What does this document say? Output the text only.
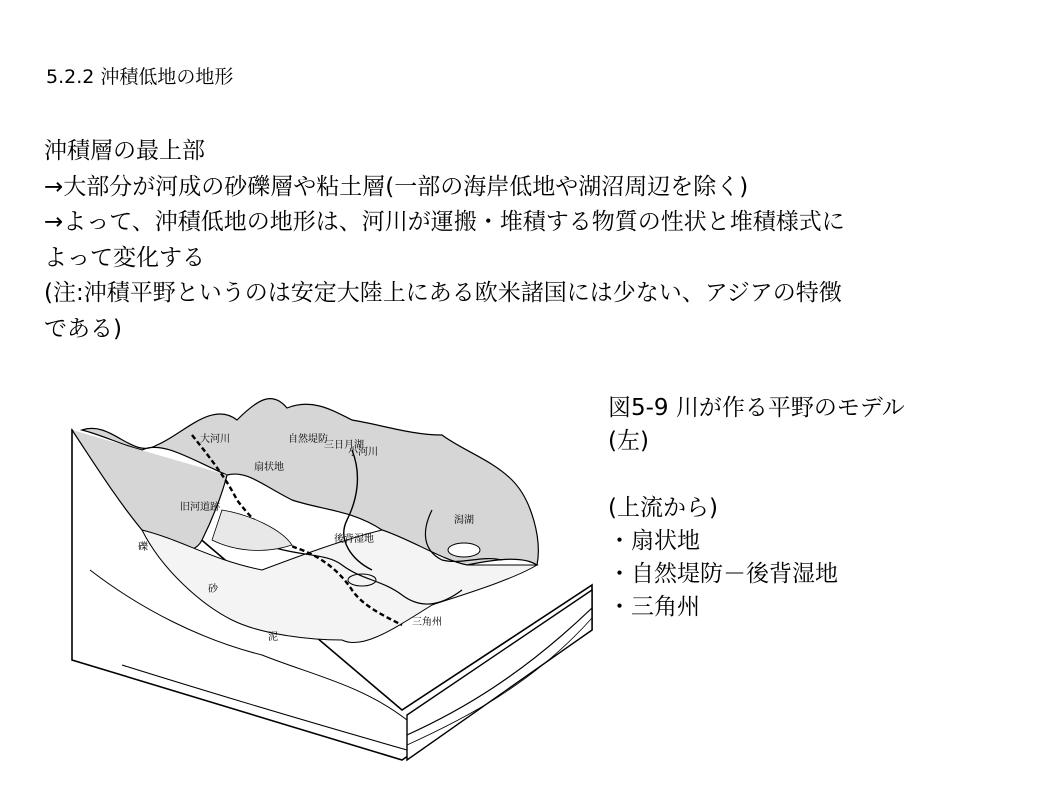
5.2.2 沖積低地の地形
沖積層の最上部
→大部分が河成の砂礫層や粘土層(一部の海岸低地や湖沼周辺を除く)
→よって、沖積低地の地形は、河川が運搬・堆積する物質の性状と堆積様式に
よって変化する
(注:沖積平野というのは安定大陸上にある欧米諸国には少ない、アジアの特徴
である)
大河川
扇状地
自然堤防
三日月湖
小河川
旧河道跡
後背湿地
潟湖
礫
砂
泥
三角州
図5-9 川が作る平野のモデル
(左)
(上流から)
・扇状地
・自然堤防－後背湿地
・三角州
